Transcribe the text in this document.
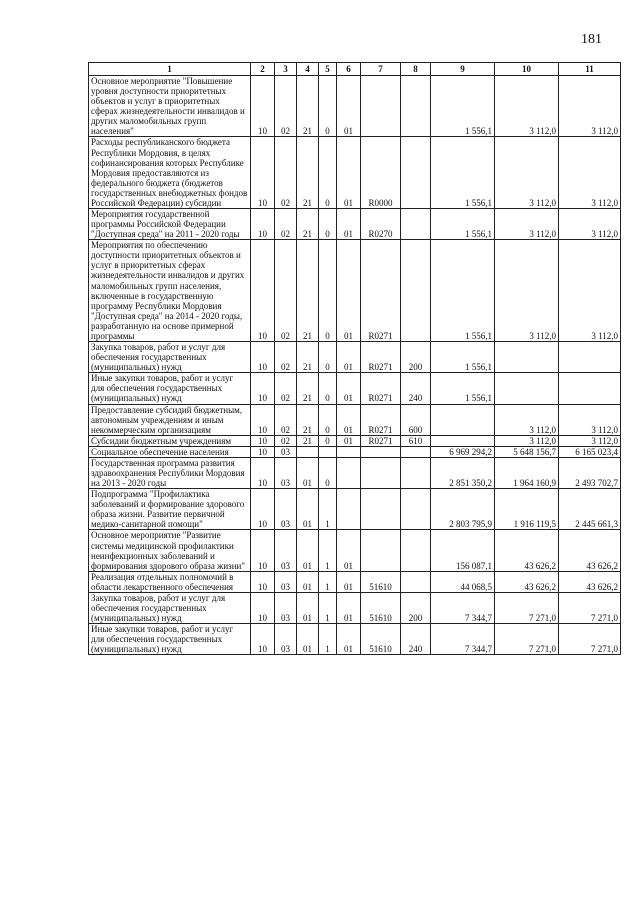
181
1	2	3	4	5	6	7	8	9	10	11
Основное мероприятие "Повышение уровня доступности приоритетных объектов и услуг в приоритетных сферах жизнедеятельности инвалидов и других маломобильных групп населения"	10	02	21	0	01			1 556,1	3 112,0	3 112,0
Расходы республиканского бюджета Республики Мордовия, в целях софинансирования которых Республике Мордовия предоставляются из федерального бюджета (бюджетов государственных внебюджетных фондов Российской Федерации) субсидии	10	02	21	0	01	R0000		1 556,1	3 112,0	3 112,0
Мероприятия государственной программы Российской Федерации "Доступная среда" на 2011 - 2020 годы	10	02	21	0	01	R0270		1 556,1	3 112,0	3 112,0
Мероприятия по обеспечению доступности приоритетных объектов и услуг в приоритетных сферах жизнедеятельности инвалидов и других маломобильных групп населения, включенные в государственную программу Республики Мордовия "Доступная среда" на 2014 - 2020 годы, разработанную на основе примерной программы	10	02	21	0	01	R0271		1 556,1	3 112,0	3 112,0
Закупка товаров, работ и услуг для обеспечения государственных (муниципальных) нужд	10	02	21	0	01	R0271	200	1 556,1		
Иные закупки товаров, работ и услуг для обеспечения государственных (муниципальных) нужд	10	02	21	0	01	R0271	240	1 556,1		
Предоставление субсидий бюджетным, автономным учреждениям и иным некоммерческим организациям	10	02	21	0	01	R0271	600		3 112,0	3 112,0
Субсидии бюджетным учреждениям	10	02	21	0	01	R0271	610		3 112,0	3 112,0
Социальное обеспечение населения	10	03						6 969 294,2	5 648 156,7	6 165 023,4
Государственная программа развития здравоохранения Республики Мордовия на 2013 - 2020 годы	10	03	01	0				2 851 350,2	1 964 160,9	2 493 702,7
Подпрограмма "Профилактика заболеваний и формирование здорового образа жизни. Развитие первичной медико-санитарной помощи"	10	03	01	1				2 803 795,9	1 916 119,5	2 445 661,3
Основное мероприятие "Развитие системы медицинской профилактики неинфекционных заболеваний и формирования здорового образа жизни"	10	03	01	1	01			156 087,1	43 626,2	43 626,2
Реализация отдельных полномочий в области лекарственного обеспечения	10	03	01	1	01	51610		44 068,5	43 626,2	43 626,2
Закупка товаров, работ и услуг для обеспечения государственных (муниципальных) нужд	10	03	01	1	01	51610	200	7 344,7	7 271,0	7 271,0
Иные закупки товаров, работ и услуг для обеспечения государственных (муниципальных) нужд	10	03	01	1	01	51610	240	7 344,7	7 271,0	7 271,0
